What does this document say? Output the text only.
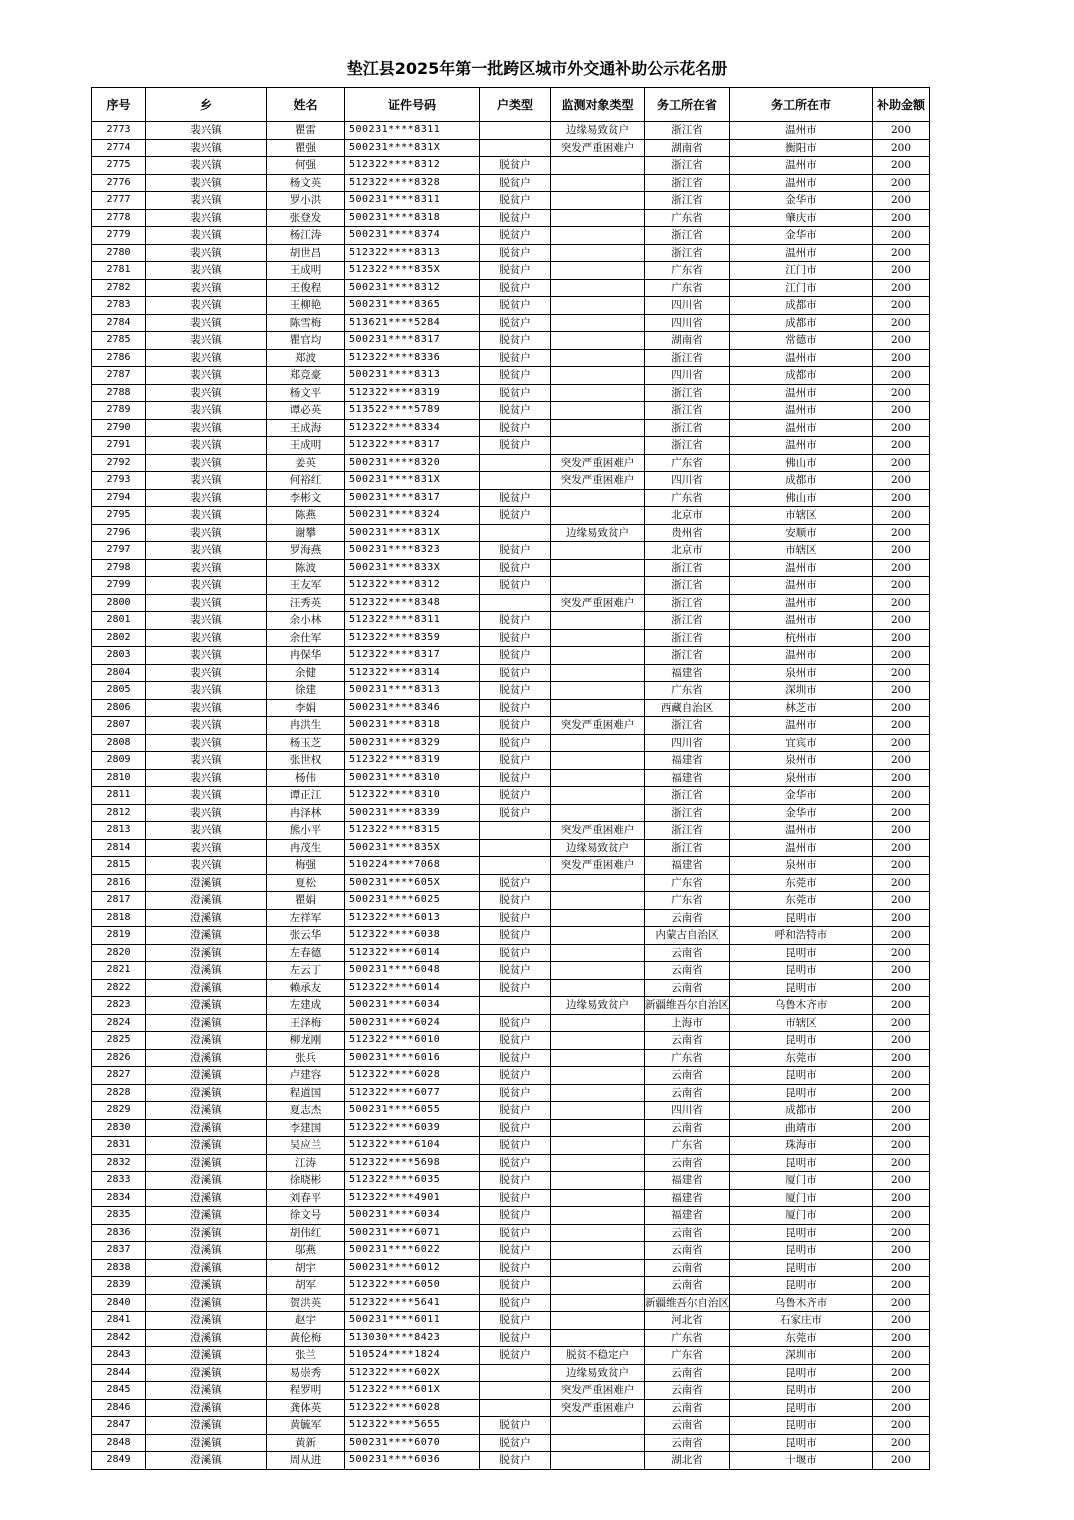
垫江县2025年第一批跨区城市外交通补助公示花名册
序号	乡	姓名	证件号码	户类型	监测对象类型	务工所在省	务工所在市	补助金额
2773	裴兴镇	瞿雷	500231****8311		边缘易致贫户	浙江省	温州市	200
2774	裴兴镇	瞿强	500231****831X		突发严重困难户	湖南省	衡阳市	200
2775	裴兴镇	何强	512322****8312	脱贫户		浙江省	温州市	200
2776	裴兴镇	杨文英	512322****8328	脱贫户		浙江省	温州市	200
2777	裴兴镇	罗小洪	500231****8311	脱贫户		浙江省	金华市	200
2778	裴兴镇	张登发	500231****8318	脱贫户		广东省	肇庆市	200
2779	裴兴镇	杨江涛	500231****8374	脱贫户		浙江省	金华市	200
2780	裴兴镇	胡世昌	512322****8313	脱贫户		浙江省	温州市	200
2781	裴兴镇	王成明	512322****835X	脱贫户		广东省	江门市	200
2782	裴兴镇	王俊程	500231****8312	脱贫户		广东省	江门市	200
2783	裴兴镇	王柳艳	500231****8365	脱贫户		四川省	成都市	200
2784	裴兴镇	陈雪梅	513621****5284	脱贫户		四川省	成都市	200
2785	裴兴镇	瞿官均	500231****8317	脱贫户		湖南省	常德市	200
2786	裴兴镇	郑波	512322****8336	脱贫户		浙江省	温州市	200
2787	裴兴镇	郑竞豪	500231****8313	脱贫户		四川省	成都市	200
2788	裴兴镇	杨文平	512322****8319	脱贫户		浙江省	温州市	200
2789	裴兴镇	谭必英	513522****5789	脱贫户		浙江省	温州市	200
2790	裴兴镇	王成海	512322****8334	脱贫户		浙江省	温州市	200
2791	裴兴镇	王成明	512322****8317	脱贫户		浙江省	温州市	200
2792	裴兴镇	姜英	500231****8320		突发严重困难户	广东省	佛山市	200
2793	裴兴镇	何裕红	500231****831X		突发严重困难户	四川省	成都市	200
2794	裴兴镇	李彬文	500231****8317	脱贫户		广东省	佛山市	200
2795	裴兴镇	陈燕	500231****8324	脱贫户		北京市	市辖区	200
2796	裴兴镇	谢攀	500231****831X		边缘易致贫户	贵州省	安顺市	200
2797	裴兴镇	罗海燕	500231****8323	脱贫户		北京市	市辖区	200
2798	裴兴镇	陈波	500231****833X	脱贫户		浙江省	温州市	200
2799	裴兴镇	王友军	512322****8312	脱贫户		浙江省	温州市	200
2800	裴兴镇	汪秀英	512322****8348		突发严重困难户	浙江省	温州市	200
2801	裴兴镇	余小林	512322****8311	脱贫户		浙江省	温州市	200
2802	裴兴镇	余仕军	512322****8359	脱贫户		浙江省	杭州市	200
2803	裴兴镇	冉保华	512322****8317	脱贫户		浙江省	温州市	200
2804	裴兴镇	余健	512322****8314	脱贫户		福建省	泉州市	200
2805	裴兴镇	徐建	500231****8313	脱贫户		广东省	深圳市	200
2806	裴兴镇	李娟	500231****8346	脱贫户		西藏自治区	林芝市	200
2807	裴兴镇	冉洪生	500231****8318	脱贫户	突发严重困难户	浙江省	温州市	200
2808	裴兴镇	杨玉芝	500231****8329	脱贫户		四川省	宜宾市	200
2809	裴兴镇	张世权	512322****8319	脱贫户		福建省	泉州市	200
2810	裴兴镇	杨伟	500231****8310	脱贫户		福建省	泉州市	200
2811	裴兴镇	谭正江	512322****8310	脱贫户		浙江省	金华市	200
2812	裴兴镇	冉泽林	500231****8339	脱贫户		浙江省	金华市	200
2813	裴兴镇	熊小平	512322****8315		突发严重困难户	浙江省	温州市	200
2814	裴兴镇	冉茂生	500231****835X		边缘易致贫户	浙江省	温州市	200
2815	裴兴镇	梅强	510224****7068		突发严重困难户	福建省	泉州市	200
2816	澄溪镇	夏松	500231****605X	脱贫户		广东省	东莞市	200
2817	澄溪镇	瞿娟	500231****6025	脱贫户		广东省	东莞市	200
2818	澄溪镇	左祥军	512322****6013	脱贫户		云南省	昆明市	200
2819	澄溪镇	张云华	512322****6038	脱贫户		内蒙古自治区	呼和浩特市	200
2820	澄溪镇	左春德	512322****6014	脱贫户		云南省	昆明市	200
2821	澄溪镇	左云丁	500231****6048	脱贫户		云南省	昆明市	200
2822	澄溪镇	赖承友	512322****6014	脱贫户		云南省	昆明市	200
2823	澄溪镇	左建成	500231****6034		边缘易致贫户	新疆维吾尔自治区	乌鲁木齐市	200
2824	澄溪镇	王泽梅	500231****6024	脱贫户		上海市	市辖区	200
2825	澄溪镇	柳龙刚	512322****6010	脱贫户		云南省	昆明市	200
2826	澄溪镇	张兵	500231****6016	脱贫户		广东省	东莞市	200
2827	澄溪镇	卢建容	512322****6028	脱贫户		云南省	昆明市	200
2828	澄溪镇	程道国	512322****6077	脱贫户		云南省	昆明市	200
2829	澄溪镇	夏志杰	500231****6055	脱贫户		四川省	成都市	200
2830	澄溪镇	李建国	512322****6039	脱贫户		云南省	曲靖市	200
2831	澄溪镇	吴应兰	512322****6104	脱贫户		广东省	珠海市	200
2832	澄溪镇	江涛	512322****5698	脱贫户		云南省	昆明市	200
2833	澄溪镇	徐晓彬	512322****6035	脱贫户		福建省	厦门市	200
2834	澄溪镇	刘春平	512322****4901	脱贫户		福建省	厦门市	200
2835	澄溪镇	徐文号	500231****6034	脱贫户		福建省	厦门市	200
2836	澄溪镇	胡伟红	500231****6071	脱贫户		云南省	昆明市	200
2837	澄溪镇	邬燕	500231****6022	脱贫户		云南省	昆明市	200
2838	澄溪镇	胡宇	500231****6012	脱贫户		云南省	昆明市	200
2839	澄溪镇	胡军	512322****6050	脱贫户		云南省	昆明市	200
2840	澄溪镇	贺洪英	512322****5641	脱贫户		新疆维吾尔自治区	乌鲁木齐市	200
2841	澄溪镇	赵宇	500231****6011	脱贫户		河北省	石家庄市	200
2842	澄溪镇	黄伦梅	513030****8423	脱贫户		广东省	东莞市	200
2843	澄溪镇	张兰	510524****1824	脱贫户	脱贫不稳定户	广东省	深圳市	200
2844	澄溪镇	易崇秀	512322****602X		边缘易致贫户	云南省	昆明市	200
2845	澄溪镇	程罗明	512322****601X		突发严重困难户	云南省	昆明市	200
2846	澄溪镇	龚体英	512322****6028		突发严重困难户	云南省	昆明市	200
2847	澄溪镇	黄毓军	512322****5655	脱贫户		云南省	昆明市	200
2848	澄溪镇	黄新	500231****6070	脱贫户		云南省	昆明市	200
2849	澄溪镇	周从进	500231****6036	脱贫户		湖北省	十堰市	200
